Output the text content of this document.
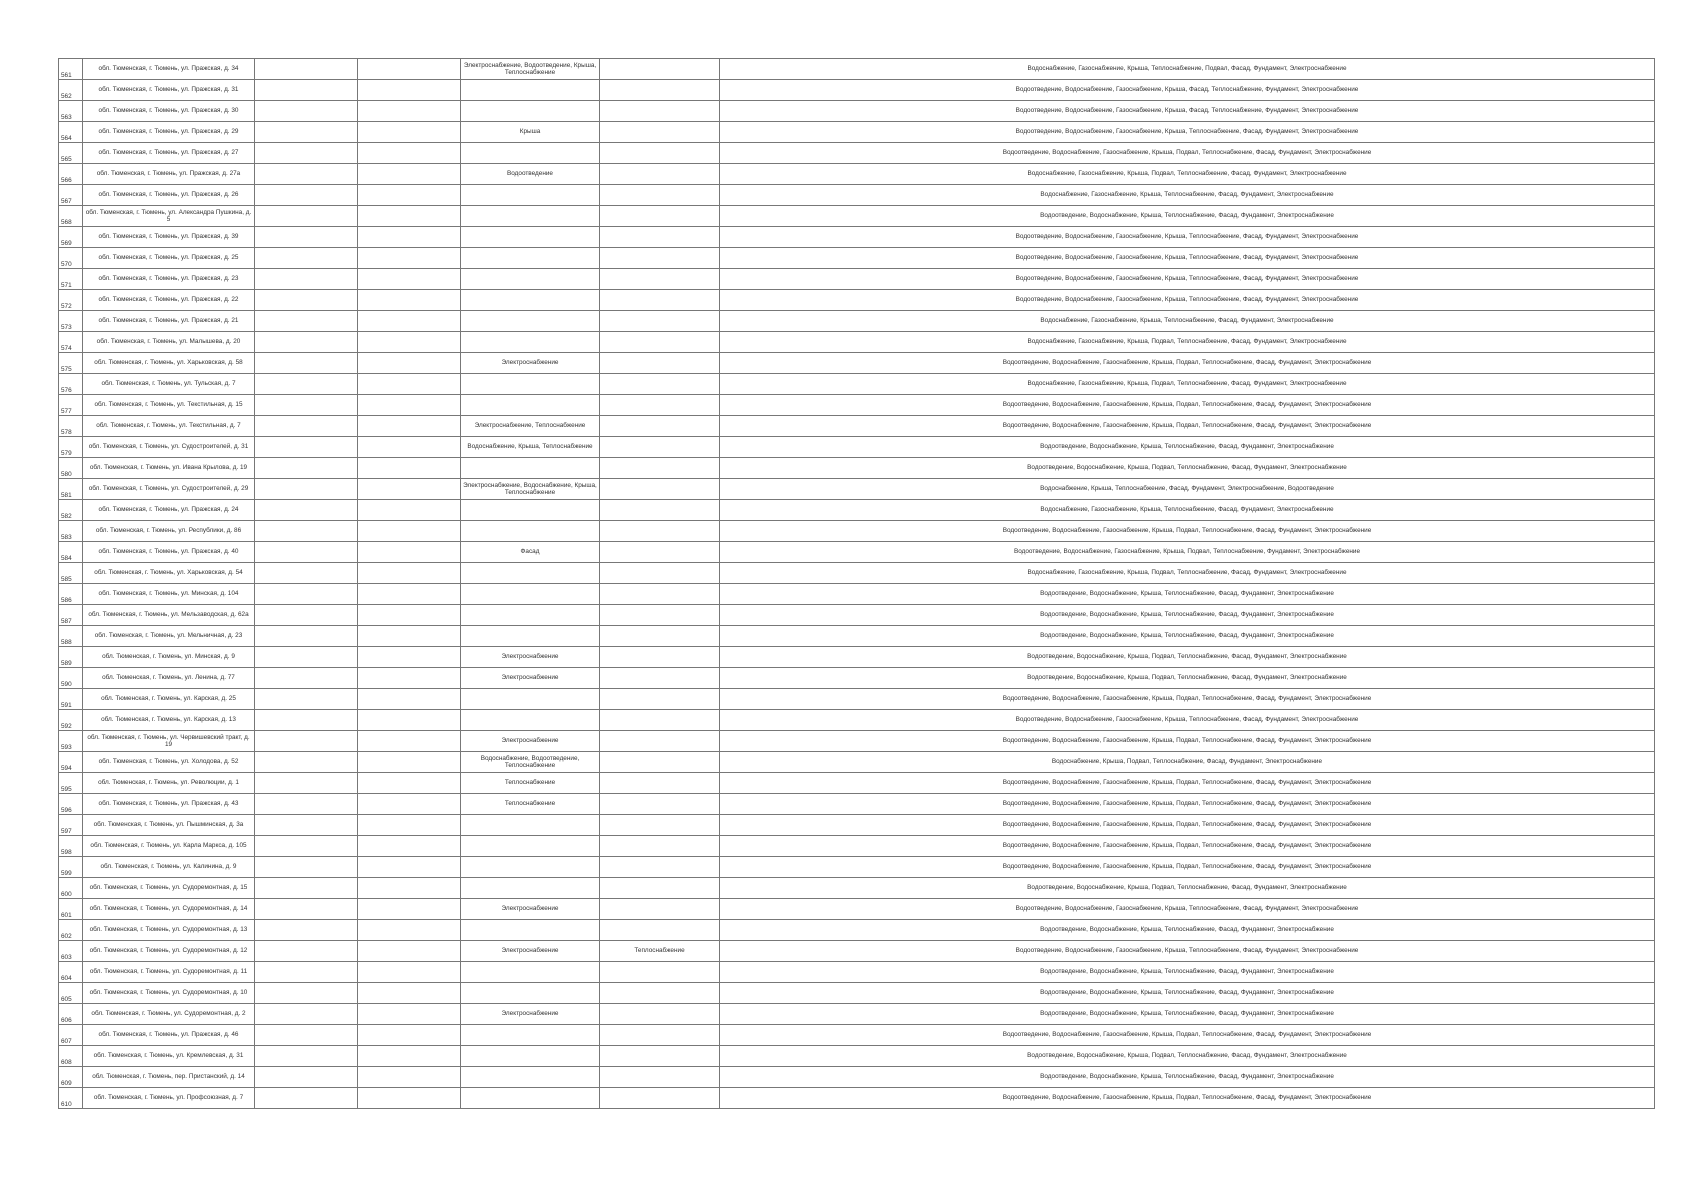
561	обл. Тюменская, г. Тюмень, ул. Пражская, д. 34			Электроснабжение, Водоотведение, Крыша, Теплоснабжение		Водоснабжение, Газоснабжение, Крыша, Теплоснабжение, Подвал, Фасад, Фундамент, Электроснабжение
562	обл. Тюменская, г. Тюмень, ул. Пражская, д. 31					Водоотведение, Водоснабжение, Газоснабжение, Крыша, Фасад, Теплоснабжение, Фундамент, Электроснабжение
563	обл. Тюменская, г. Тюмень, ул. Пражская, д. 30					Водоотведение, Водоснабжение, Газоснабжение, Крыша, Фасад, Теплоснабжение, Фундамент, Электроснабжение
564	обл. Тюменская, г. Тюмень, ул. Пражская, д. 29			Крыша		Водоотведение, Водоснабжение, Газоснабжение, Крыша, Теплоснабжение, Фасад, Фундамент, Электроснабжение
565	обл. Тюменская, г. Тюмень, ул. Пражская, д. 27					Водоотведение, Водоснабжение, Газоснабжение, Крыша, Подвал, Теплоснабжение, Фасад, Фундамент, Электроснабжение
566	обл. Тюменская, г. Тюмень, ул. Пражская, д. 27а			Водоотведение		Водоснабжение, Газоснабжение, Крыша, Подвал, Теплоснабжение, Фасад, Фундамент, Электроснабжение
567	обл. Тюменская, г. Тюмень, ул. Пражская, д. 26					Водоснабжение, Газоснабжение, Крыша, Теплоснабжение, Фасад, Фундамент, Электроснабжение
568	обл. Тюменская, г. Тюмень, ул. Александра Пушкина, д. 5					Водоотведение, Водоснабжение, Крыша, Теплоснабжение, Фасад, Фундамент, Электроснабжение
569	обл. Тюменская, г. Тюмень, ул. Пражская, д. 39					Водоотведение, Водоснабжение, Газоснабжение, Крыша, Теплоснабжение, Фасад, Фундамент, Электроснабжение
570	обл. Тюменская, г. Тюмень, ул. Пражская, д. 25					Водоотведение, Водоснабжение, Газоснабжение, Крыша, Теплоснабжение, Фасад, Фундамент, Электроснабжение
571	обл. Тюменская, г. Тюмень, ул. Пражская, д. 23					Водоотведение, Водоснабжение, Газоснабжение, Крыша, Теплоснабжение, Фасад, Фундамент, Электроснабжение
572	обл. Тюменская, г. Тюмень, ул. Пражская, д. 22					Водоотведение, Водоснабжение, Газоснабжение, Крыша, Теплоснабжение, Фасад, Фундамент, Электроснабжение
573	обл. Тюменская, г. Тюмень, ул. Пражская, д. 21					Водоснабжение, Газоснабжение, Крыша, Теплоснабжение, Фасад, Фундамент, Электроснабжение
574	обл. Тюменская, г. Тюмень, ул. Малышева, д. 20					Водоснабжение, Газоснабжение, Крыша, Подвал, Теплоснабжение, Фасад, Фундамент, Электроснабжение
575	обл. Тюменская, г. Тюмень, ул. Харьковская, д. 58			Электроснабжение		Водоотведение, Водоснабжение, Газоснабжение, Крыша, Подвал, Теплоснабжение, Фасад, Фундамент, Электроснабжение
576	обл. Тюменская, г. Тюмень, ул. Тульская, д. 7					Водоснабжение, Газоснабжение, Крыша, Подвал, Теплоснабжение, Фасад, Фундамент, Электроснабжение
577	обл. Тюменская, г. Тюмень, ул. Текстильная, д. 15					Водоотведение, Водоснабжение, Газоснабжение, Крыша, Подвал, Теплоснабжение, Фасад, Фундамент, Электроснабжение
578	обл. Тюменская, г. Тюмень, ул. Текстильная, д. 7			Электроснабжение, Теплоснабжение		Водоотведение, Водоснабжение, Газоснабжение, Крыша, Подвал, Теплоснабжение, Фасад, Фундамент, Электроснабжение
579	обл. Тюменская, г. Тюмень, ул. Судостроителей, д. 31			Водоснабжение, Крыша, Теплоснабжение		Водоотведение, Водоснабжение, Крыша, Теплоснабжение, Фасад, Фундамент, Электроснабжение
580	обл. Тюменская, г. Тюмень, ул. Ивана Крылова, д. 19					Водоотведение, Водоснабжение, Крыша, Подвал, Теплоснабжение, Фасад, Фундамент, Электроснабжение
581	обл. Тюменская, г. Тюмень, ул. Судостроителей, д. 29			Электроснабжение, Водоснабжение, Крыша, Теплоснабжение		Водоснабжение, Крыша, Теплоснабжение, Фасад, Фундамент, Электроснабжение, Водоотведение
582	обл. Тюменская, г. Тюмень, ул. Пражская, д. 24					Водоснабжение, Газоснабжение, Крыша, Теплоснабжение, Фасад, Фундамент, Электроснабжение
583	обл. Тюменская, г. Тюмень, ул. Республики, д. 86					Водоотведение, Водоснабжение, Газоснабжение, Крыша, Подвал, Теплоснабжение, Фасад, Фундамент, Электроснабжение
584	обл. Тюменская, г. Тюмень, ул. Пражская, д. 40			Фасад		Водоотведение, Водоснабжение, Газоснабжение, Крыша, Подвал, Теплоснабжение, Фундамент, Электроснабжение
585	обл. Тюменская, г. Тюмень, ул. Харьковская, д. 54					Водоснабжение, Газоснабжение, Крыша, Подвал, Теплоснабжение, Фасад, Фундамент, Электроснабжение
586	обл. Тюменская, г. Тюмень, ул. Минская, д. 104					Водоотведение, Водоснабжение, Крыша, Теплоснабжение, Фасад, Фундамент, Электроснабжение
587	обл. Тюменская, г. Тюмень, ул. Мельзаводская, д. 62а					Водоотведение, Водоснабжение, Крыша, Теплоснабжение, Фасад, Фундамент, Электроснабжение
588	обл. Тюменская, г. Тюмень, ул. Мельничная, д. 23					Водоотведение, Водоснабжение, Крыша, Теплоснабжение, Фасад, Фундамент, Электроснабжение
589	обл. Тюменская, г. Тюмень, ул. Минская, д. 9			Электроснабжение		Водоотведение, Водоснабжение, Крыша, Подвал, Теплоснабжение, Фасад, Фундамент, Электроснабжение
590	обл. Тюменская, г. Тюмень, ул. Ленина, д. 77			Электроснабжение		Водоотведение, Водоснабжение, Крыша, Подвал, Теплоснабжение, Фасад, Фундамент, Электроснабжение
591	обл. Тюменская, г. Тюмень, ул. Карская, д. 25					Водоотведение, Водоснабжение, Газоснабжение, Крыша, Подвал, Теплоснабжение, Фасад, Фундамент, Электроснабжение
592	обл. Тюменская, г. Тюмень, ул. Карская, д. 13					Водоотведение, Водоснабжение, Газоснабжение, Крыша, Теплоснабжение, Фасад, Фундамент, Электроснабжение
593	обл. Тюменская, г. Тюмень, ул. Червишевский тракт, д. 19			Электроснабжение		Водоотведение, Водоснабжение, Газоснабжение, Крыша, Подвал, Теплоснабжение, Фасад, Фундамент, Электроснабжение
594	обл. Тюменская, г. Тюмень, ул. Холодова, д. 52			Водоснабжение, Водоотведение, Теплоснабжение		Водоснабжение, Крыша, Подвал, Теплоснабжение, Фасад, Фундамент, Электроснабжение
595	обл. Тюменская, г. Тюмень, ул. Революции, д. 1			Теплоснабжение		Водоотведение, Водоснабжение, Газоснабжение, Крыша, Подвал, Теплоснабжение, Фасад, Фундамент, Электроснабжение
596	обл. Тюменская, г. Тюмень, ул. Пражская, д. 43			Теплоснабжение		Водоотведение, Водоснабжение, Газоснабжение, Крыша, Подвал, Теплоснабжение, Фасад, Фундамент, Электроснабжение
597	обл. Тюменская, г. Тюмень, ул. Пышминская, д. 3а					Водоотведение, Водоснабжение, Газоснабжение, Крыша, Подвал, Теплоснабжение, Фасад, Фундамент, Электроснабжение
598	обл. Тюменская, г. Тюмень, ул. Карла Маркса, д. 105					Водоотведение, Водоснабжение, Газоснабжение, Крыша, Подвал, Теплоснабжение, Фасад, Фундамент, Электроснабжение
599	обл. Тюменская, г. Тюмень, ул. Калинина, д. 9					Водоотведение, Водоснабжение, Газоснабжение, Крыша, Подвал, Теплоснабжение, Фасад, Фундамент, Электроснабжение
600	обл. Тюменская, г. Тюмень, ул. Судоремонтная, д. 15					Водоотведение, Водоснабжение, Крыша, Подвал, Теплоснабжение, Фасад, Фундамент, Электроснабжение
601	обл. Тюменская, г. Тюмень, ул. Судоремонтная, д. 14			Электроснабжение		Водоотведение, Водоснабжение, Газоснабжение, Крыша, Теплоснабжение, Фасад, Фундамент, Электроснабжение
602	обл. Тюменская, г. Тюмень, ул. Судоремонтная, д. 13					Водоотведение, Водоснабжение, Крыша, Теплоснабжение, Фасад, Фундамент, Электроснабжение
603	обл. Тюменская, г. Тюмень, ул. Судоремонтная, д. 12			Электроснабжение	Теплоснабжение	Водоотведение, Водоснабжение, Газоснабжение, Крыша, Теплоснабжение, Фасад, Фундамент, Электроснабжение
604	обл. Тюменская, г. Тюмень, ул. Судоремонтная, д. 11					Водоотведение, Водоснабжение, Крыша, Теплоснабжение, Фасад, Фундамент, Электроснабжение
605	обл. Тюменская, г. Тюмень, ул. Судоремонтная, д. 10					Водоотведение, Водоснабжение, Крыша, Теплоснабжение, Фасад, Фундамент, Электроснабжение
606	обл. Тюменская, г. Тюмень, ул. Судоремонтная, д. 2			Электроснабжение		Водоотведение, Водоснабжение, Крыша, Теплоснабжение, Фасад, Фундамент, Электроснабжение
607	обл. Тюменская, г. Тюмень, ул. Пражская, д. 46					Водоотведение, Водоснабжение, Газоснабжение, Крыша, Подвал, Теплоснабжение, Фасад, Фундамент, Электроснабжение
608	обл. Тюменская, г. Тюмень, ул. Кремлевская, д. 31					Водоотведение, Водоснабжение, Крыша, Подвал, Теплоснабжение, Фасад, Фундамент, Электроснабжение
609	обл. Тюменская, г. Тюмень, пер. Пристанский, д. 14					Водоотведение, Водоснабжение, Крыша, Теплоснабжение, Фасад, Фундамент, Электроснабжение
610	обл. Тюменская, г. Тюмень, ул. Профсоюзная, д. 7					Водоотведение, Водоснабжение, Газоснабжение, Крыша, Подвал, Теплоснабжение, Фасад, Фундамент, Электроснабжение
